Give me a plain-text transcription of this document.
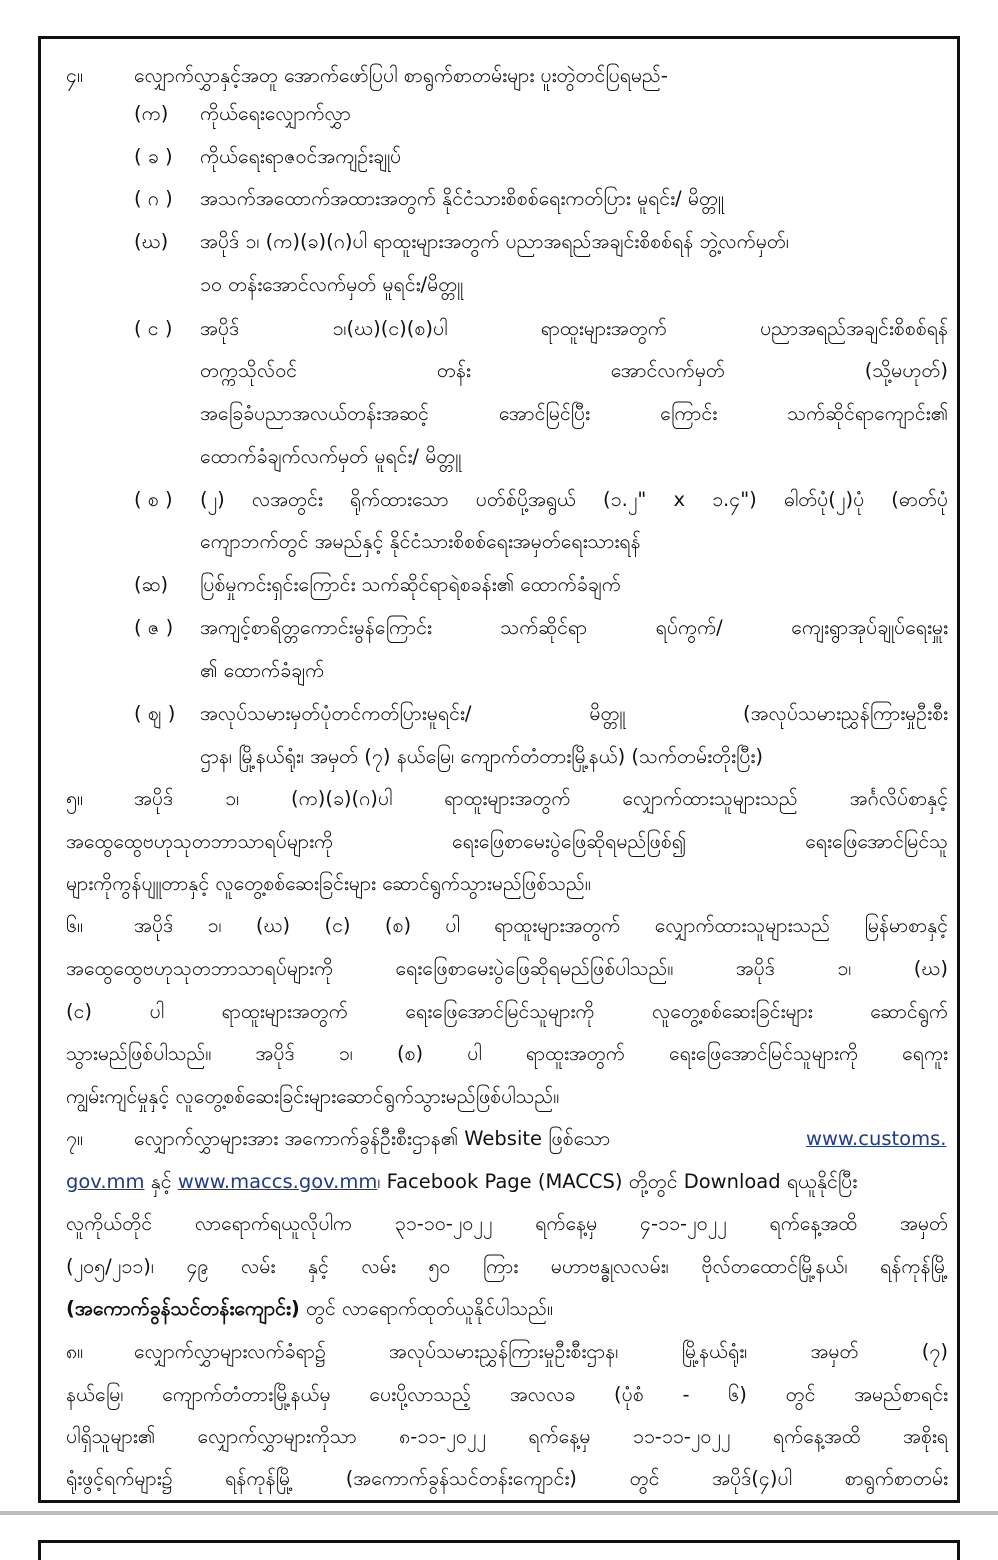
၄။	လျှောက်လွှာနှင့်အတူ အောက်ဖော်ပြပါ စာရွက်စာတမ်းများ ပူးတွဲတင်ပြရမည်-
(က) ကိုယ်ရေးလျှောက်လွှာ
( ခ ) ကိုယ်ရေးရာဇဝင်အကျဉ်းချုပ်
( ဂ ) အသက်အထောက်အထားအတွက် နိုင်ငံသားစိစစ်ရေးကတ်ပြား မူရင်း/ မိတ္တူ
(ဃ) အပိုဒ် ၁၊ (က)(ခ)(ဂ)ပါ ရာထူးများအတွက် ပညာအရည်အချင်းစိစစ်ရန် ဘွဲ့လက်မှတ်၊
၁၀ တန်းအောင်လက်မှတ် မူရင်း/မိတ္တူ
( င ) အပိုဒ် ၁၊(ဃ)(င)(စ)ပါ ရာထူးများအတွက် ပညာအရည်အချင်းစိစစ်ရန်
တက္ကသိုလ်ဝင် တန်း အောင်လက်မှတ် (သို့မဟုတ်)
အခြေခံပညာအလယ်တန်းအဆင့် အောင်မြင်ပြီး ကြောင်း သက်ဆိုင်ရာကျောင်း၏
ထောက်ခံချက်လက်မှတ် မူရင်း/ မိတ္တူ
( စ ) (၂) လအတွင်း ရိုက်ထားသော ပတ်စ်ပို့အရွယ် (၁.၂" x ၁.၄") ဓါတ်ပုံ(၂)ပုံ (ဓာတ်ပုံ
ကျောဘက်တွင် အမည်နှင့် နိုင်ငံသားစိစစ်ရေးအမှတ်ရေးသားရန်
(ဆ) ပြစ်မှုကင်းရှင်းကြောင်း သက်ဆိုင်ရာရဲစခန်း၏ ထောက်ခံချက်
( ဇ ) အကျင့်စာရိတ္တကောင်းမွန်ကြောင်း သက်ဆိုင်ရာ ရပ်ကွက်/ ကျေးရွာအုပ်ချုပ်ရေးမှူး
၏ ထောက်ခံချက်
( ဈ ) အလုပ်သမားမှတ်ပုံတင်ကတ်ပြားမူရင်း/ မိတ္တူ (အလုပ်သမားညွှန်ကြားမှုဦးစီး
ဌာန၊ မြို့နယ်ရုံး၊ အမှတ် (၇) နယ်မြေ၊ ကျောက်တံတားမြို့နယ်) (သက်တမ်းတိုးပြီး)
၅။	အပိုဒ် ၁၊ (က)(ခ)(ဂ)ပါ ရာထူးများအတွက် လျှောက်ထားသူများသည် အင်္ဂလိပ်စာနှင့်
အထွေထွေဗဟုသုတဘာသာရပ်များကို ရေးဖြေစာမေးပွဲဖြေဆိုရမည်ဖြစ်၍ ရေးဖြေအောင်မြင်သူ
များကိုကွန်ပျူတာနှင့် လူတွေ့စစ်ဆေးခြင်းများ ဆောင်ရွက်သွားမည်ဖြစ်သည်။
၆။	အပိုဒ် ၁၊ (ဃ) (င) (စ) ပါ ရာထူးများအတွက် လျှောက်ထားသူများသည် မြန်မာစာနှင့်
အထွေထွေဗဟုသုတဘာသာရပ်များကို ရေးဖြေစာမေးပွဲဖြေဆိုရမည်ဖြစ်ပါသည်။ အပိုဒ် ၁၊ (ဃ)
(င) ပါ ရာထူးများအတွက် ရေးဖြေအောင်မြင်သူများကို လူတွေ့စစ်ဆေးခြင်းများ ဆောင်ရွက်
သွားမည်ဖြစ်ပါသည်။ အပိုဒ် ၁၊ (စ) ပါ ရာထူးအတွက် ရေးဖြေအောင်မြင်သူများကို ရေကူး
ကျွမ်းကျင်မှုနှင့် လူတွေ့စစ်ဆေးခြင်းများဆောင်ရွက်သွားမည်ဖြစ်ပါသည်။
၇။	လျှောက်လွှာများအား အကောက်ခွန်ဦးစီးဌာန၏ Website ဖြစ်သော	www.customs.
gov.mm နှင့် www.maccs.gov.mm၊ Facebook Page (MACCS) တို့တွင် Download ရယူနိုင်ပြီး
လူကိုယ်တိုင် လာရောက်ရယူလိုပါက ၃၁-၁၀-၂၀၂၂ ရက်နေ့မှ ၄-၁၁-၂၀၂၂ ရက်နေ့အထိ အမှတ်
(၂၀၅/၂၁၁)၊ ၄၉ လမ်း နှင့် လမ်း ၅၀ ကြား မဟာဗန္ဓုလလမ်း၊ ဗိုလ်တထောင်မြို့နယ်၊ ရန်ကုန်မြို့
(အကောက်ခွန်သင်တန်းကျောင်း) တွင် လာရောက်ထုတ်ယူနိုင်ပါသည်။
၈။	လျှောက်လွှာများလက်ခံရာ၌ အလုပ်သမားညွှန်ကြားမှုဦးစီးဌာန၊ မြို့နယ်ရုံး၊ အမှတ် (၇)
နယ်မြေ၊ ကျောက်တံတားမြို့နယ်မှ ပေးပို့လာသည့် အလလခ (ပုံစံ - ၆) တွင် အမည်စာရင်း
ပါရှိသူများ၏ လျှောက်လွှာများကိုသာ ၈-၁၁-၂၀၂၂ ရက်နေ့မှ ၁၁-၁၁-၂၀၂၂ ရက်နေ့အထိ အစိုးရ
ရုံးဖွင့်ရက်များ၌ ရန်ကုန်မြို့ (အကောက်ခွန်သင်တန်းကျောင်း) တွင် အပိုဒ်(၄)ပါ စာရွက်စာတမ်း
